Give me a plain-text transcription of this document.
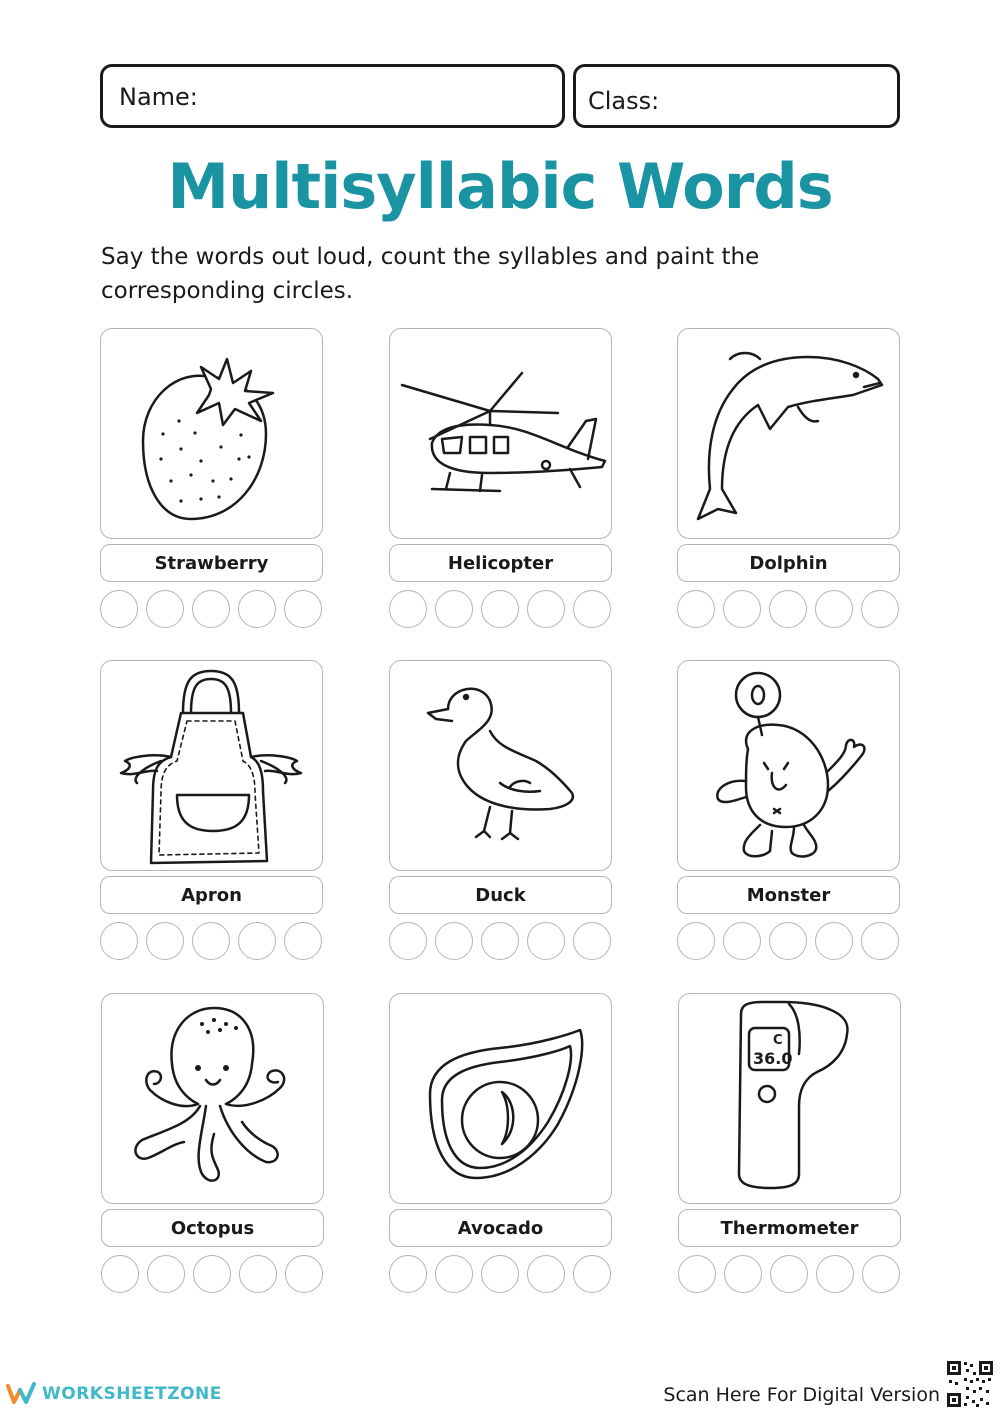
Name:	Class:
Multisyllabic Words
Say the words out loud, count the syllables and paint the corresponding circles.
Strawberry	Helicopter	Dolphin
Apron	Duck	Monster
Octopus	Avocado
C
36.0
Thermometer
WORKSHEETZONE	Scan Here For Digital Version
